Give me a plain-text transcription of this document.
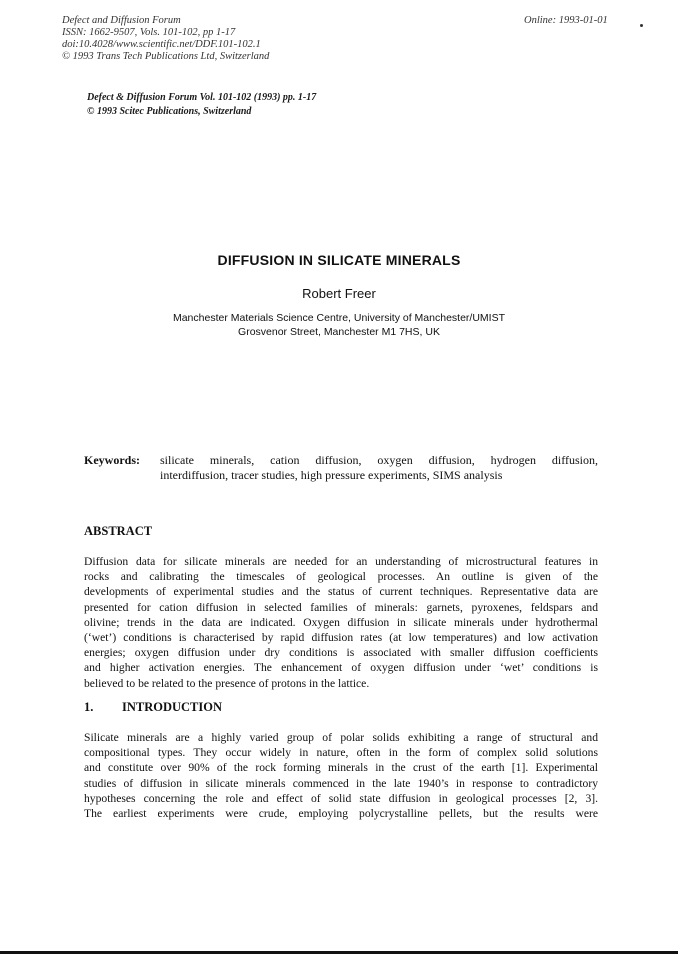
Defect and Diffusion Forum
ISSN: 1662-9507, Vols. 101-102, pp 1-17
doi:10.4028/www.scientific.net/DDF.101-102.1
© 1993 Trans Tech Publications Ltd, Switzerland
Online: 1993-01-01
Defect & Diffusion Forum Vol. 101-102 (1993) pp. 1-17
© 1993 Scitec Publications, Switzerland
DIFFUSION IN SILICATE MINERALS
Robert Freer
Manchester Materials Science Centre, University of Manchester/UMIST
Grosvenor Street, Manchester M1 7HS, UK
Keywords: silicate minerals, cation diffusion, oxygen diffusion, hydrogen diffusion,
interdiffusion, tracer studies, high pressure experiments, SIMS analysis
ABSTRACT
Diffusion data for silicate minerals are needed for an understanding of microstructural features in
rocks and calibrating the timescales of geological processes. An outline is given of the
developments of experimental studies and the status of current techniques. Representative data are
presented for cation diffusion in selected families of minerals: garnets, pyroxenes, feldspars and
olivine; trends in the data are indicated. Oxygen diffusion in silicate minerals under hydrothermal
(‘wet’) conditions is characterised by rapid diffusion rates (at low temperatures) and low activation
energies; oxygen diffusion under dry conditions is associated with smaller diffusion coefficients
and higher activation energies. The enhancement of oxygen diffusion under ‘wet’ conditions is
believed to be related to the presence of protons in the lattice.
1. INTRODUCTION
Silicate minerals are a highly varied group of polar solids exhibiting a range of structural and
compositional types. They occur widely in nature, often in the form of complex solid solutions
and constitute over 90% of the rock forming minerals in the crust of the earth [1]. Experimental
studies of diffusion in silicate minerals commenced in the late 1940’s in response to contradictory
hypotheses concerning the role and effect of solid state diffusion in geological processes [2, 3].
The earliest experiments were crude, employing polycrystalline pellets, but the results were
